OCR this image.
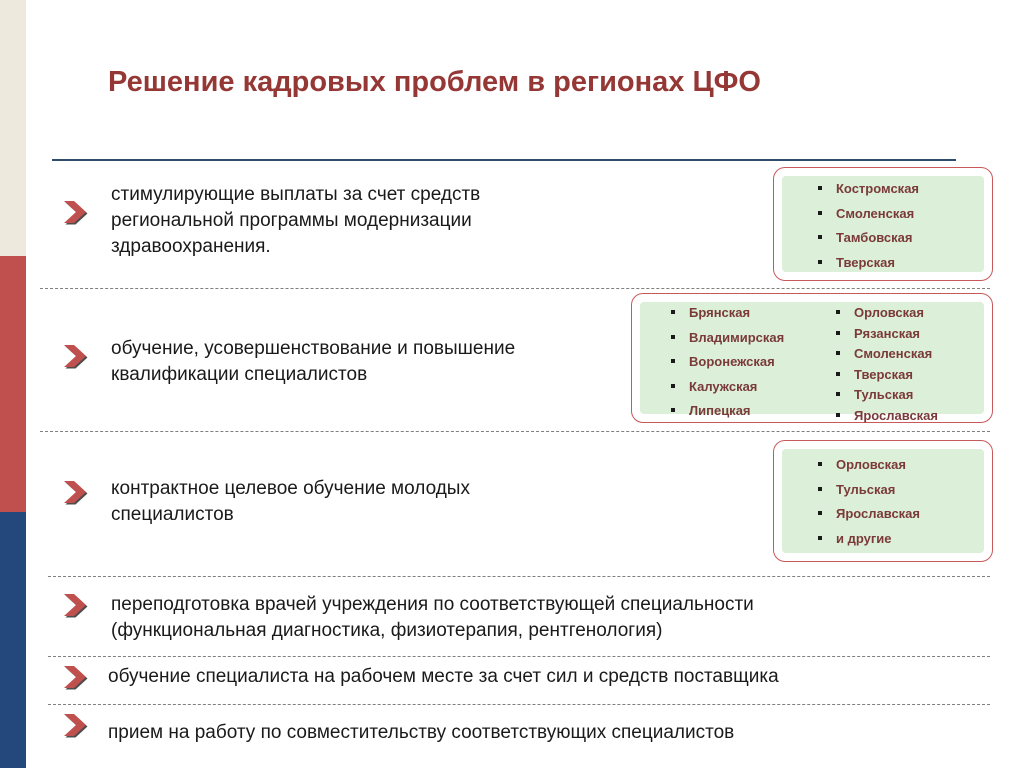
Решение кадровых проблем в регионах ЦФО
стимулирующие выплаты за счет средств региональной программы модернизации здравоохранения.
Костромская
Смоленская
Тамбовская
Тверская
обучение, усовершенствование и повышение квалификации специалистов
Брянская
Владимирская
Воронежская
Калужская
Липецкая
Орловская
Рязанская
Смоленская
Тверская
Тульская
Ярославская
контрактное целевое обучение молодых специалистов
Орловская
Тульская
Ярославская
и другие
переподготовка врачей учреждения по соответствующей специальности (функциональная диагностика, физиотерапия, рентгенология)
обучение специалиста на рабочем месте за счет сил и средств поставщика
прием на работу по совместительству соответствующих специалистов
